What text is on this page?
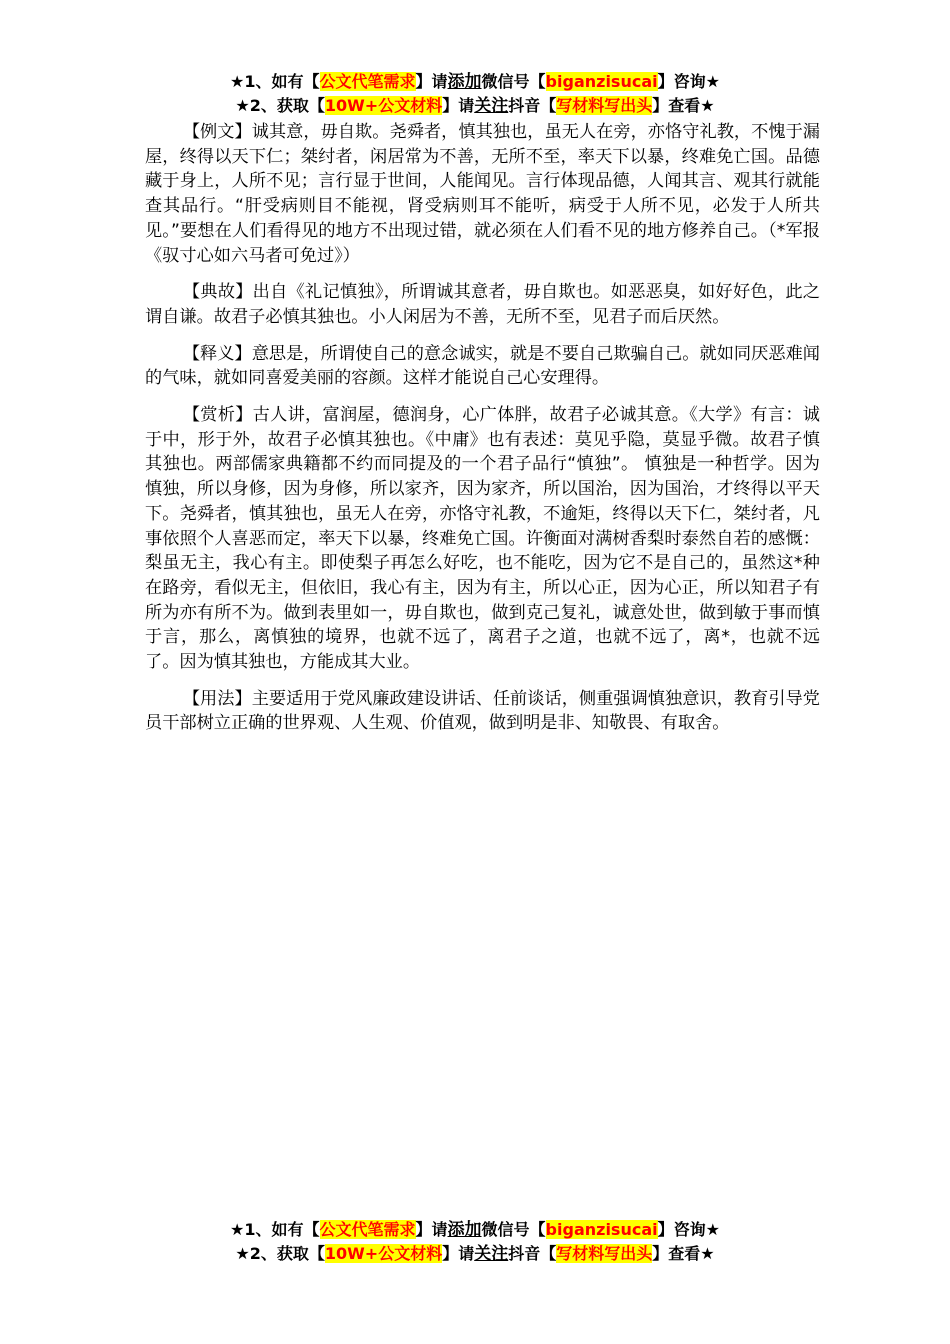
★1、如有【公文代笔需求】请添加微信号【biganzisucai】咨询★
★2、获取【10W+公文材料】请关注抖音【写材料写出头】查看★

【例文】诚其意，毋自欺。尧舜者，慎其独也，虽无人在旁，亦恪守礼教，不愧于漏屋，终得以天下仁；桀纣者，闲居常为不善，无所不至，率天下以暴，终难免亡国。品德藏于身上，人所不见；言行显于世间，人能闻见。言行体现品德，人闻其言、观其行就能查其品行。“肝受病则目不能视，肾受病则耳不能听，病受于人所不见，必发于人所共见。”要想在人们看得见的地方不出现过错，就必须在人们看不见的地方修养自己。（*军报《驭寸心如六马者可免过》）

【典故】出自《礼记慎独》，所谓诚其意者，毋自欺也。如恶恶臭，如好好色，此之谓自谦。故君子必慎其独也。小人闲居为不善，无所不至，见君子而后厌然。

【释义】意思是，所谓使自己的意念诚实，就是不要自己欺骗自己。就如同厌恶难闻的气味，就如同喜爱美丽的容颜。这样才能说自己心安理得。

【赏析】古人讲，富润屋，德润身，心广体胖，故君子必诚其意。《大学》有言：诚于中，形于外，故君子必慎其独也。《中庸》也有表述：莫见乎隐，莫显乎微。故君子慎其独也。两部儒家典籍都不约而同提及的一个君子品行“慎独”。 慎独是一种哲学。因为慎独，所以身修，因为身修，所以家齐，因为家齐，所以国治，因为国治，才终得以平天下。尧舜者，慎其独也，虽无人在旁，亦恪守礼教，不逾矩，终得以天下仁，桀纣者，凡事依照个人喜恶而定，率天下以暴，终难免亡国。许衡面对满树香梨时泰然自若的感慨：梨虽无主，我心有主。即使梨子再怎么好吃，也不能吃，因为它不是自己的，虽然这*种在路旁，看似无主，但依旧，我心有主，因为有主，所以心正，因为心正，所以知君子有所为亦有所不为。做到表里如一，毋自欺也，做到克己复礼，诚意处世，做到敏于事而慎于言，那么，离慎独的境界，也就不远了，离君子之道，也就不远了，离*，也就不远了。因为慎其独也，方能成其大业。

【用法】主要适用于党风廉政建设讲话、任前谈话，侧重强调慎独意识，教育引导党员干部树立正确的世界观、人生观、价值观，做到明是非、知敬畏、有取舍。

★1、如有【公文代笔需求】请添加微信号【biganzisucai】咨询★
★2、获取【10W+公文材料】请关注抖音【写材料写出头】查看★
